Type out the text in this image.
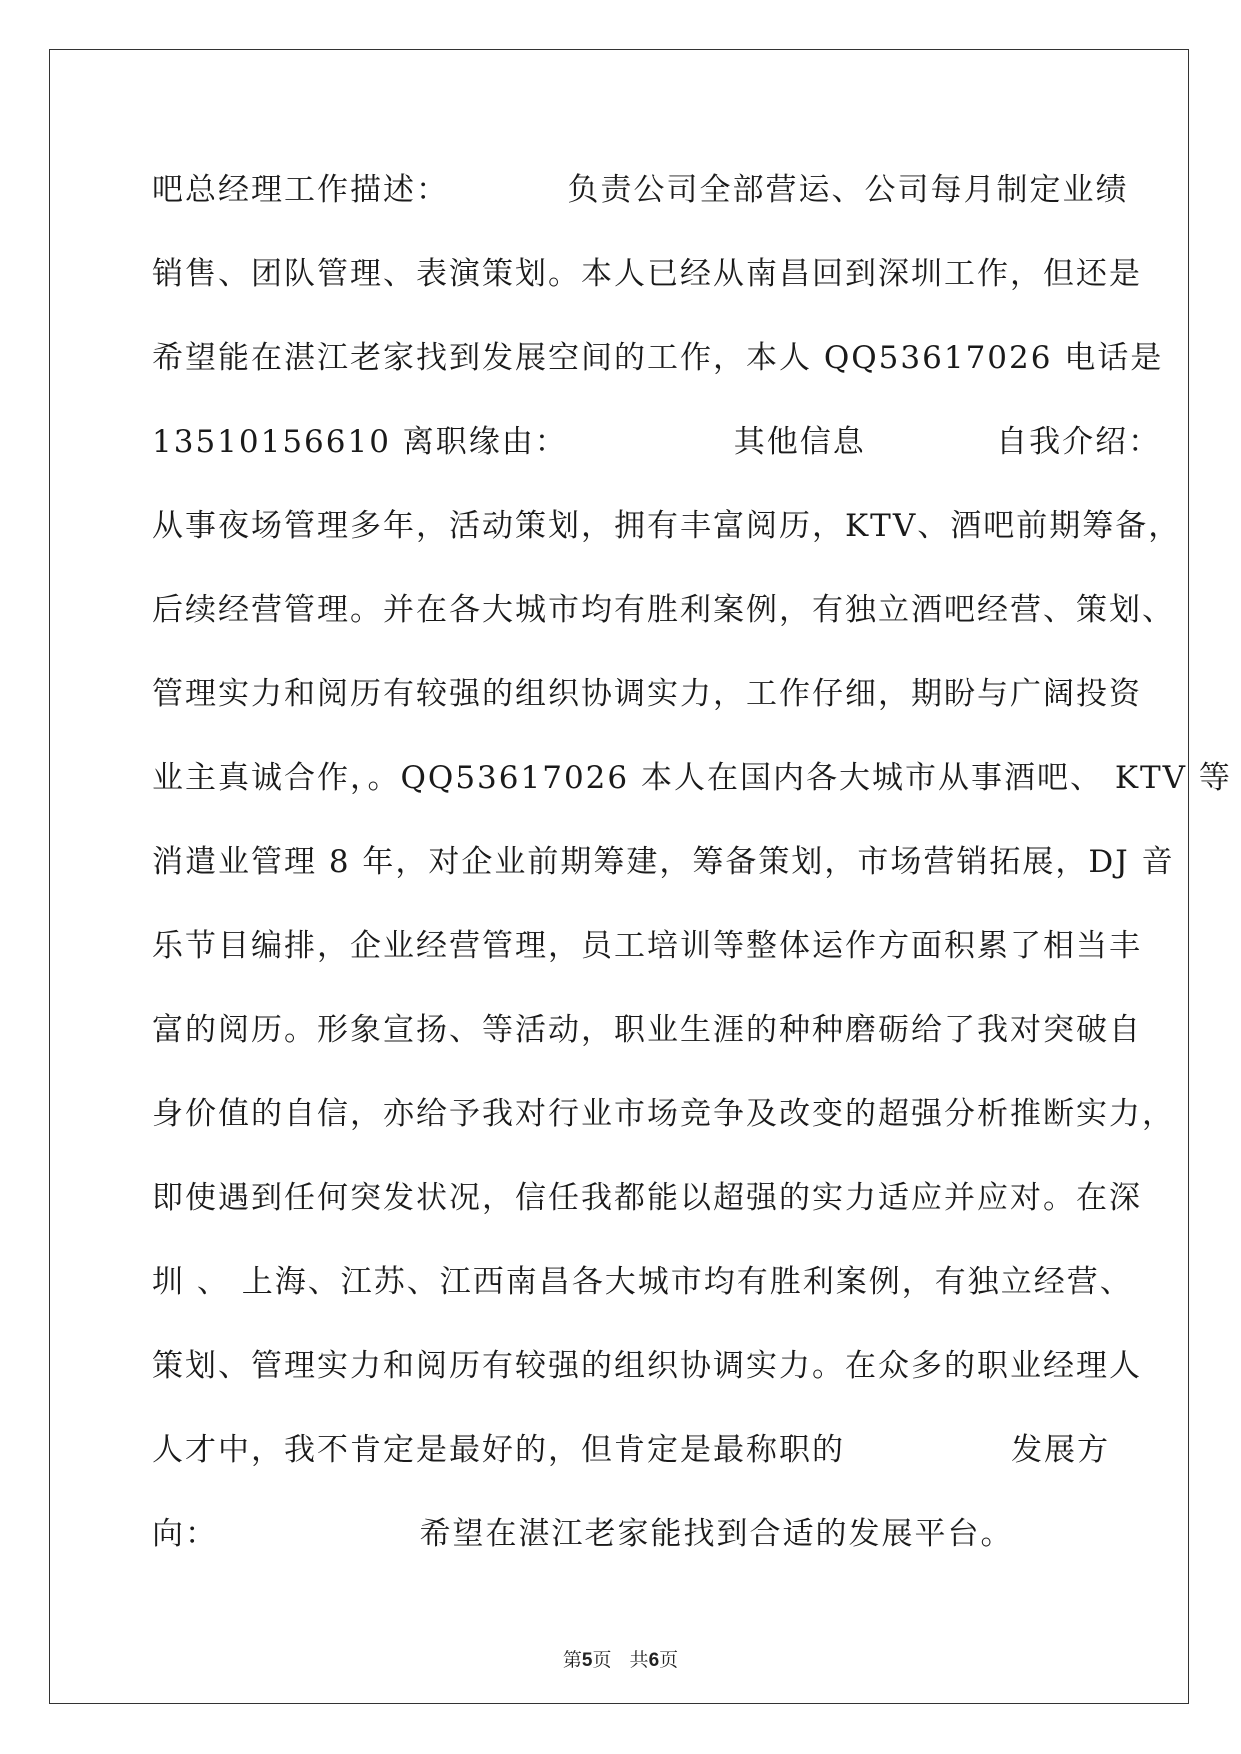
吧总经理工作描述：          负责公司全部营运、公司每月制定业绩
销售、团队管理、表演策划。本人已经从南昌回到深圳工作，但还是
希望能在湛江老家找到发展空间的工作，本人 QQ53617026 电话是
13510156610 离职缘由：              其他信息           自我介绍：
从事夜场管理多年，活动策划，拥有丰富阅历，KTV、酒吧前期筹备，
后续经营管理。并在各大城市均有胜利案例，有独立酒吧经营、策划、
管理实力和阅历有较强的组织协调实力，工作仔细，期盼与广阔投资
业主真诚合作，。QQ53617026 本人在国内各大城市从事酒吧、 KTV 等
消遣业管理 8 年，对企业前期筹建，筹备策划，市场营销拓展，DJ 音
乐节目编排，企业经营管理，员工培训等整体运作方面积累了相当丰
富的阅历。形象宣扬、等活动，职业生涯的种种磨砺给了我对突破自
身价值的自信，亦给予我对行业市场竞争及改变的超强分析推断实力，
即使遇到任何突发状况，信任我都能以超强的实力适应并应对。在深
圳 、 上海、江苏、江西南昌各大城市均有胜利案例，有独立经营、
策划、管理实力和阅历有较强的组织协调实力。在众多的职业经理人
人才中，我不肯定是最好的，但肯定是最称职的              发展方
向：                 希望在湛江老家能找到合适的发展平台。
第5页   共6页
